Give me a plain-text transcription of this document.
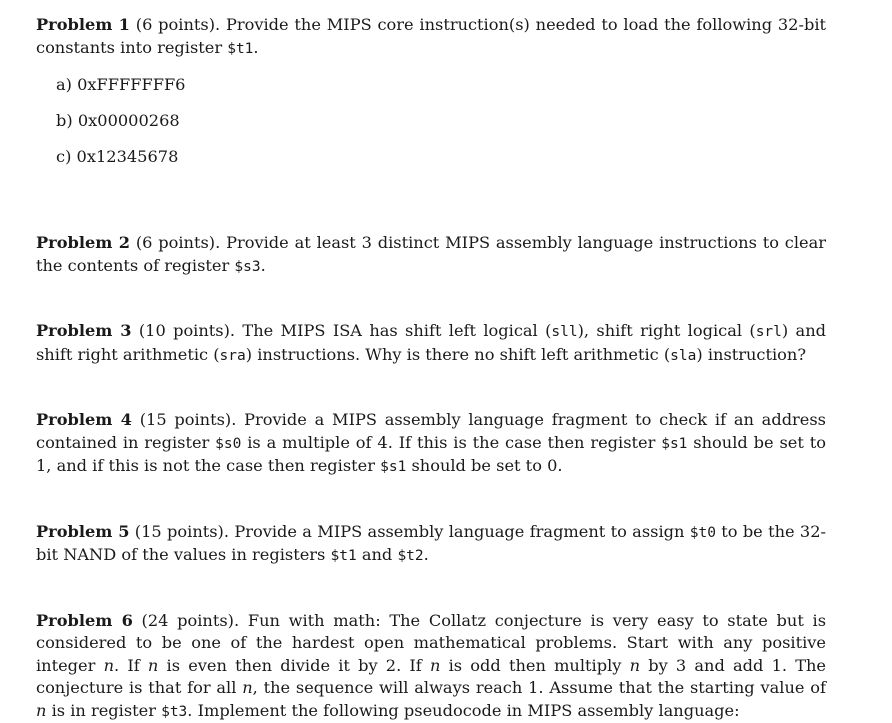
Problem 1 (6 points). Provide the MIPS core instruction(s) needed to load the following 32-bit constants into register $t1.

a) 0xFFFFFFF6
b) 0x00000268
c) 0x12345678

Problem 2 (6 points). Provide at least 3 distinct MIPS assembly language instructions to clear the contents of register $s3.

Problem 3 (10 points). The MIPS ISA has shift left logical (sll), shift right logical (srl) and shift right arithmetic (sra) instructions. Why is there no shift left arithmetic (sla) instruction?

Problem 4 (15 points). Provide a MIPS assembly language fragment to check if an address contained in register $s0 is a multiple of 4. If this is the case then register $s1 should be set to 1, and if this is not the case then register $s1 should be set to 0.

Problem 5 (15 points). Provide a MIPS assembly language fragment to assign $t0 to be the 32-bit NAND of the values in registers $t1 and $t2.

Problem 6 (24 points). Fun with math: The Collatz conjecture is very easy to state but is considered to be one of the hardest open mathematical problems. Start with any positive integer n. If n is even then divide it by 2. If n is odd then multiply n by 3 and add 1. The conjecture is that for all n, the sequence will always reach 1. Assume that the starting value of n is in register $t3. Implement the following pseudocode in MIPS assembly language:
